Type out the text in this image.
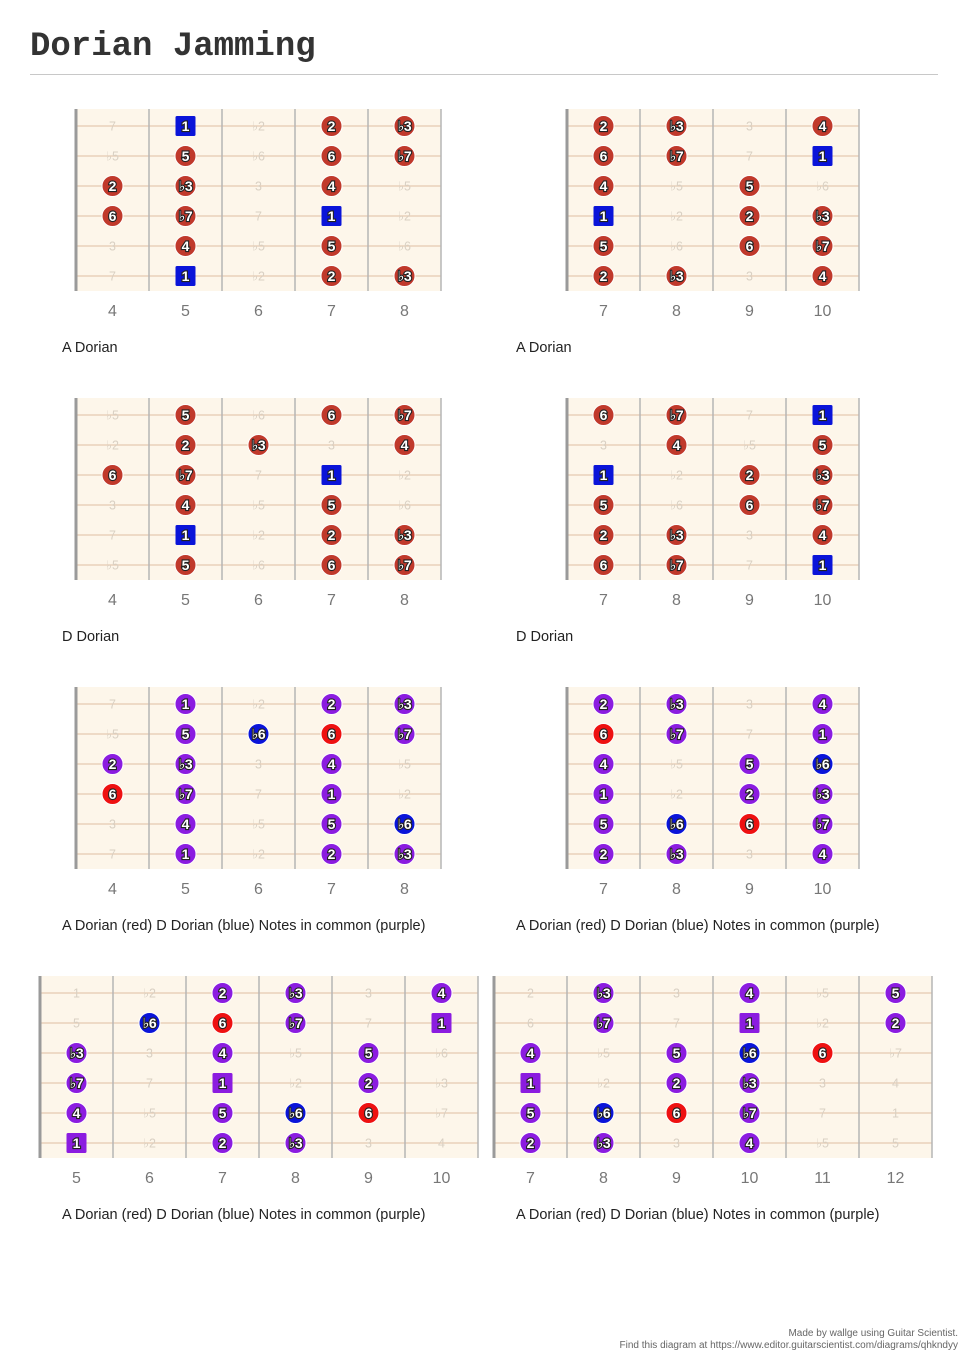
Dorian Jamming
7	1	♭2	2	♭3
♭5	5	♭6	6	♭7
2	♭3	3	4	♭5
6	♭7	7	1	♭2
3	4	♭5	5	♭6
7	1	♭2	2	♭3
4	5	6	7	8
A Dorian
2	♭3	3	4
6	♭7	7	1
4	♭5	5	♭6
1	♭2	2	♭3
5	♭6	6	♭7
2	♭3	3	4
7	8	9	10
A Dorian
♭5	5	♭6	6	♭7
♭2	2	♭3	3	4
6	♭7	7	1	♭2
3	4	♭5	5	♭6
7	1	♭2	2	♭3
♭5	5	♭6	6	♭7
4	5	6	7	8
D Dorian
6	♭7	7	1
3	4	♭5	5
1	♭2	2	♭3
5	♭6	6	♭7
2	♭3	3	4
6	♭7	7	1
7	8	9	10
D Dorian
7	1	♭2	2	♭3
♭5	5	♭6	6	♭7
2	♭3	3	4	♭5
6	♭7	7	1	♭2
3	4	♭5	5	♭6
7	1	♭2	2	♭3
4	5	6	7	8
A Dorian (red) D Dorian (blue) Notes in common (purple)
2	♭3	3	4
6	♭7	7	1
4	♭5	5	♭6
1	♭2	2	♭3
5	♭6	6	♭7
2	♭3	3	4
7	8	9	10
A Dorian (red) D Dorian (blue) Notes in common (purple)
1	♭2	2	♭3	3	4
5	♭6	6	♭7	7	1
♭3	3	4	♭5	5	♭6
♭7	7	1	♭2	2	♭3
4	♭5	5	♭6	6	♭7
1	♭2	2	♭3	3	4
5	6	7	8	9	10
A Dorian (red) D Dorian (blue) Notes in common (purple)
2	♭3	3	4	♭5	5
6	♭7	7	1	♭2	2
4	♭5	5	♭6	6	♭7
1	♭2	2	♭3	3	4
5	♭6	6	♭7	7	1
2	♭3	3	4	♭5	5
7	8	9	10	11	12
A Dorian (red) D Dorian (blue) Notes in common (purple)
Made by wallge using Guitar Scientist.
Find this diagram at https://www.editor.guitarscientist.com/diagrams/qhkndyy
